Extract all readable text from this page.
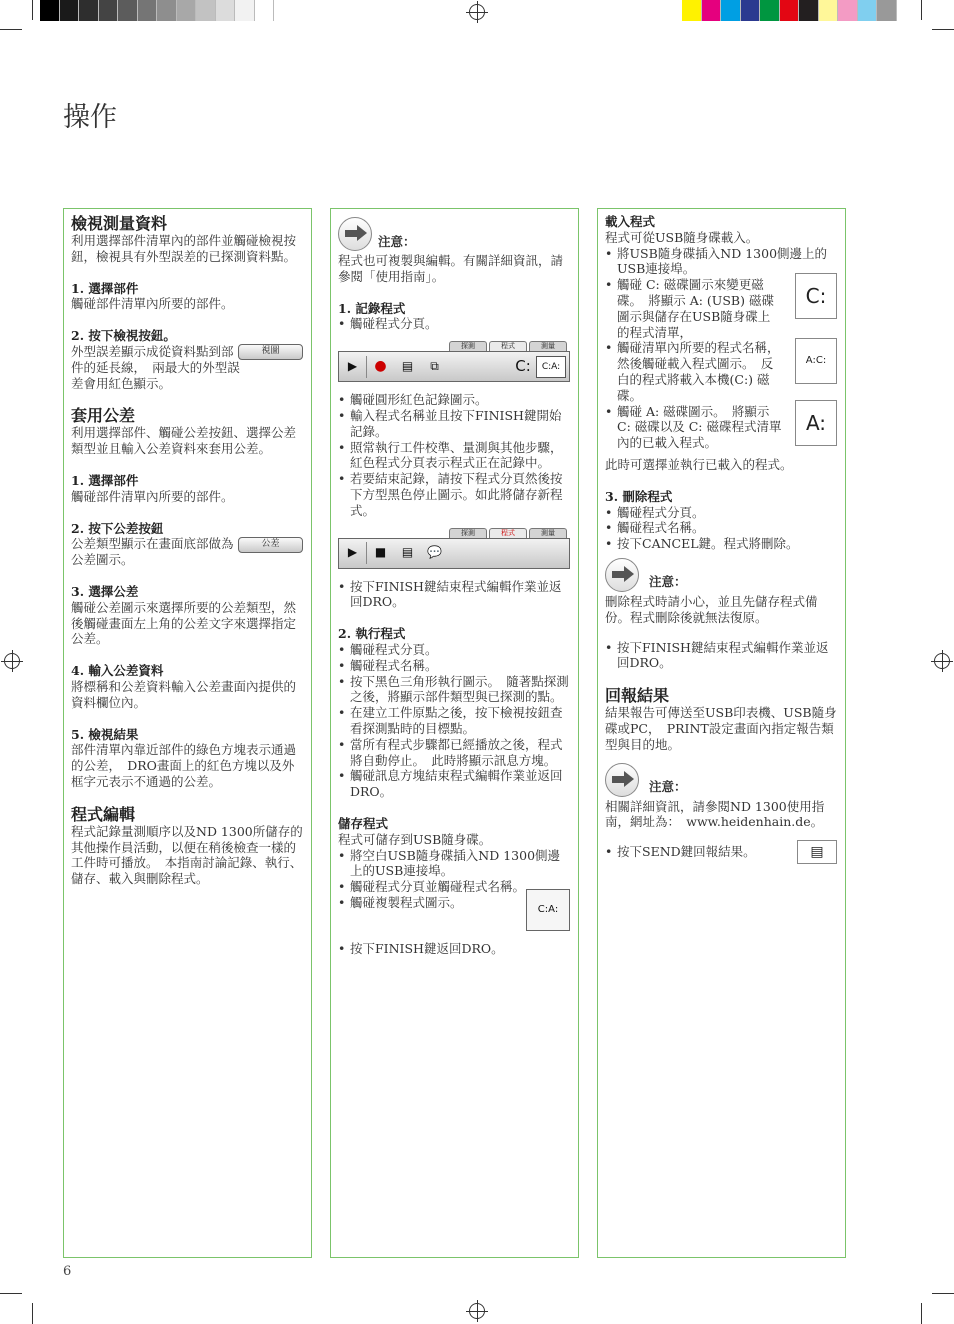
操作
6
檢視測量資料

利用選擇部件清單內的部件並觸碰檢視按鈕，檢視具有外型誤差的已探測資料點。

1. 選擇部件

觸碰部件清單內所要的部件。

2. 按下檢視按鈕。
視圖

外型誤差顯示成從資料點到部件的延長線，　兩最大的外型誤差會用紅色顯示。

套用公差

利用選擇部件、觸碰公差按鈕、選擇公差類型並且輸入公差資料來套用公差。

1. 選擇部件

觸碰部件清單內所要的部件。

2. 按下公差按鈕
公差

公差類型顯示在畫面底部做為公差圖示。

3. 選擇公差

觸碰公差圖示來選擇所要的公差類型，然後觸碰畫面左上角的公差文字來選擇指定公差。

4. 輸入公差資料

將標稱和公差資料輸入公差畫面內提供的資料欄位內。

5. 檢視結果

部件清單內靠近部件的綠色方塊表示通過的公差，　DRO畫面上的紅色方塊以及外框字元表示不通過的公差。

程式編輯

程式記錄量測順序以及ND 1300所儲存的其他操作員活動，以便在稍後檢查一樣的工件時可播放。　本指南討論記錄、執行、儲存、載入與刪除程式。

注意：

程式也可複製與編輯。有關詳細資訊，請參閱「使用指南」。

1. 記錄程式
• 觸碰程式分頁。
探測	程式	測量
▶	●	▤	⧉	C:	C:A:
• 觸碰圓形紅色記錄圖示。
• 輸入程式名稱並且按下FINISH鍵開始記錄。
• 照常執行工件校準、量測與其他步驟，　紅色程式分頁表示程式正在記錄中。
• 若要結束記錄，請按下程式分頁然後按下方型黑色停止圖示。如此將儲存新程式。
探測	程式	測量
▶	■	▤	💬
• 按下FINISH鍵結束程式編輯作業並返回DRO。
2. 執行程式
• 觸碰程式分頁。
• 觸碰程式名稱。
• 按下黑色三角形執行圖示。　隨著點探測之後，將顯示部件類型與已探測的點。
• 在建立工件原點之後，按下檢視按鈕查看探測點時的目標點。
• 當所有程式步驟都已經播放之後，程式將自動停止。　此時將顯示訊息方塊。
• 觸碰訊息方塊結束程式編輯作業並返回DRO。
儲存程式

程式可儲存到USB隨身碟。

• 將空白USB隨身碟插入ND 1300側邊上的USB連接埠。
• 觸碰程式分頁並觸碰程式名稱。
• 觸碰複製程式圖示。	C:A:
• 按下FINISH鍵返回DRO。
載入程式

程式可從USB隨身碟載入。

• 將USB隨身碟插入ND 1300側邊上的USB連接埠。
• 觸碰 C: 磁碟圖示來變更磁碟。　將顯示 A: (USB) 磁碟圖示與儲存在USB隨身碟上的程式清單，
C:
• 觸碰清單內所要的程式名稱，然後觸碰載入程式圖示。　反白的程式將載入本機(C:) 磁碟。
A:C:
• 觸碰 A: 磁碟圖示。　將顯示 C: 磁碟以及 C: 磁碟程式清單內的已載入程式。
A:

此時可選擇並執行已載入的程式。

3. 刪除程式
• 觸碰程式分頁。
• 觸碰程式名稱。
• 按下CANCEL鍵。程式將刪除。
注意：

刪除程式時請小心，並且先儲存程式備份。程式刪除後就無法復原。

• 按下FINISH鍵結束程式編輯作業並返回DRO。
回報結果

結果報告可傳送至USB印表機、USB隨身碟或PC，　PRINT設定畫面內指定報告類型與目的地。

注意：

相關詳細資訊，請參閱ND 1300使用指南，網址為：　www.heidenhain.de。

• 按下SEND鍵回報結果。	▤
